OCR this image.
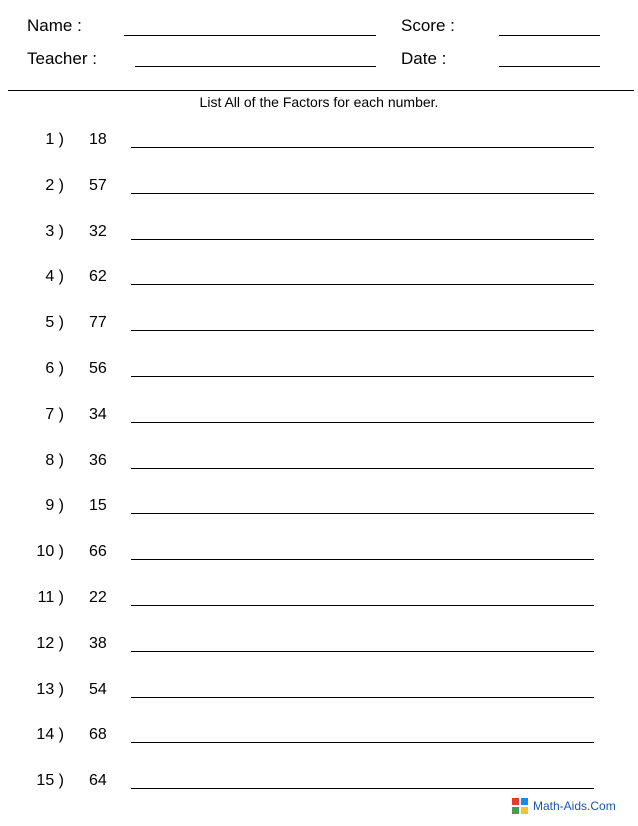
Name :	Score :
Teacher :	Date :
List All of the Factors for each number.
1 ) 18
2 ) 57
3 ) 32
4 ) 62
5 ) 77
6 ) 56
7 ) 34
8 ) 36
9 ) 15
10 ) 66
11 ) 22
12 ) 38
13 ) 54
14 ) 68
15 ) 64
Math-Aids.Com
